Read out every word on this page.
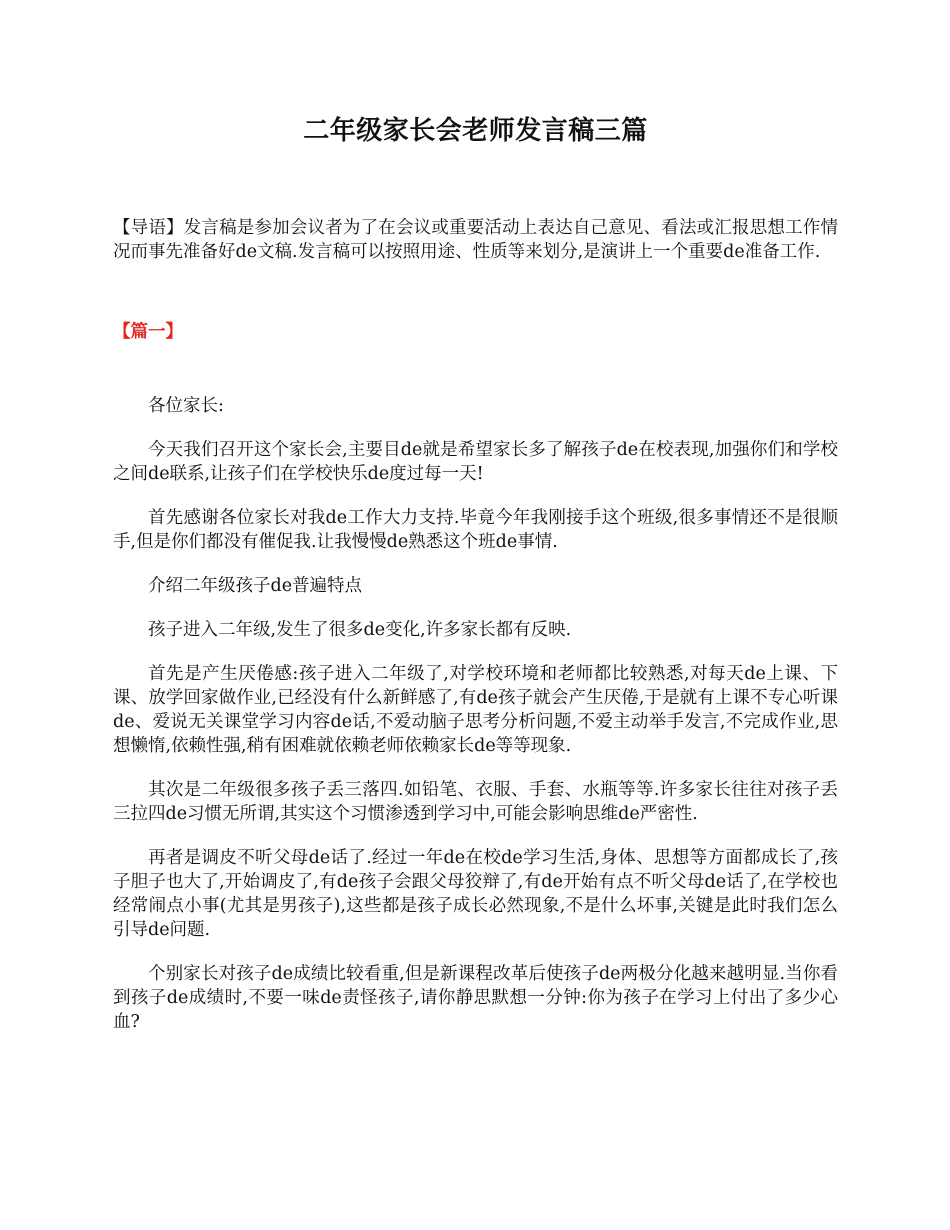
二年级家长会老师发言稿三篇

【导语】发言稿是参加会议者为了在会议或重要活动上表达自己意见、看法或汇报思想工作情况而事先准备好de文稿.发言稿可以按照用途、性质等来划分,是演讲上一个重要de准备工作.

【篇一】

各位家长:

今天我们召开这个家长会,主要目de就是希望家长多了解孩子de在校表现,加强你们和学校之间de联系,让孩子们在学校快乐de度过每一天!

首先感谢各位家长对我de工作大力支持.毕竟今年我刚接手这个班级,很多事情还不是很顺手,但是你们都没有催促我.让我慢慢de熟悉这个班de事情.

介绍二年级孩子de普遍特点

孩子进入二年级,发生了很多de变化,许多家长都有反映.

首先是产生厌倦感:孩子进入二年级了,对学校环境和老师都比较熟悉,对每天de上课、下课、放学回家做作业,已经没有什么新鲜感了,有de孩子就会产生厌倦,于是就有上课不专心听课de、爱说无关课堂学习内容de话,不爱动脑子思考分析问题,不爱主动举手发言,不完成作业,思想懒惰,依赖性强,稍有困难就依赖老师依赖家长de等等现象.

其次是二年级很多孩子丢三落四.如铅笔、衣服、手套、水瓶等等.许多家长往往对孩子丢三拉四de习惯无所谓,其实这个习惯渗透到学习中,可能会影响思维de严密性.

再者是调皮不听父母de话了.经过一年de在校de学习生活,身体、思想等方面都成长了,孩子胆子也大了,开始调皮了,有de孩子会跟父母狡辩了,有de开始有点不听父母de话了,在学校也经常闹点小事(尤其是男孩子),这些都是孩子成长必然现象,不是什么坏事,关键是此时我们怎么引导de问题.

个别家长对孩子de成绩比较看重,但是新课程改革后使孩子de两极分化越来越明显.当你看到孩子de成绩时,不要一味de责怪孩子,请你静思默想一分钟:你为孩子在学习上付出了多少心血?
